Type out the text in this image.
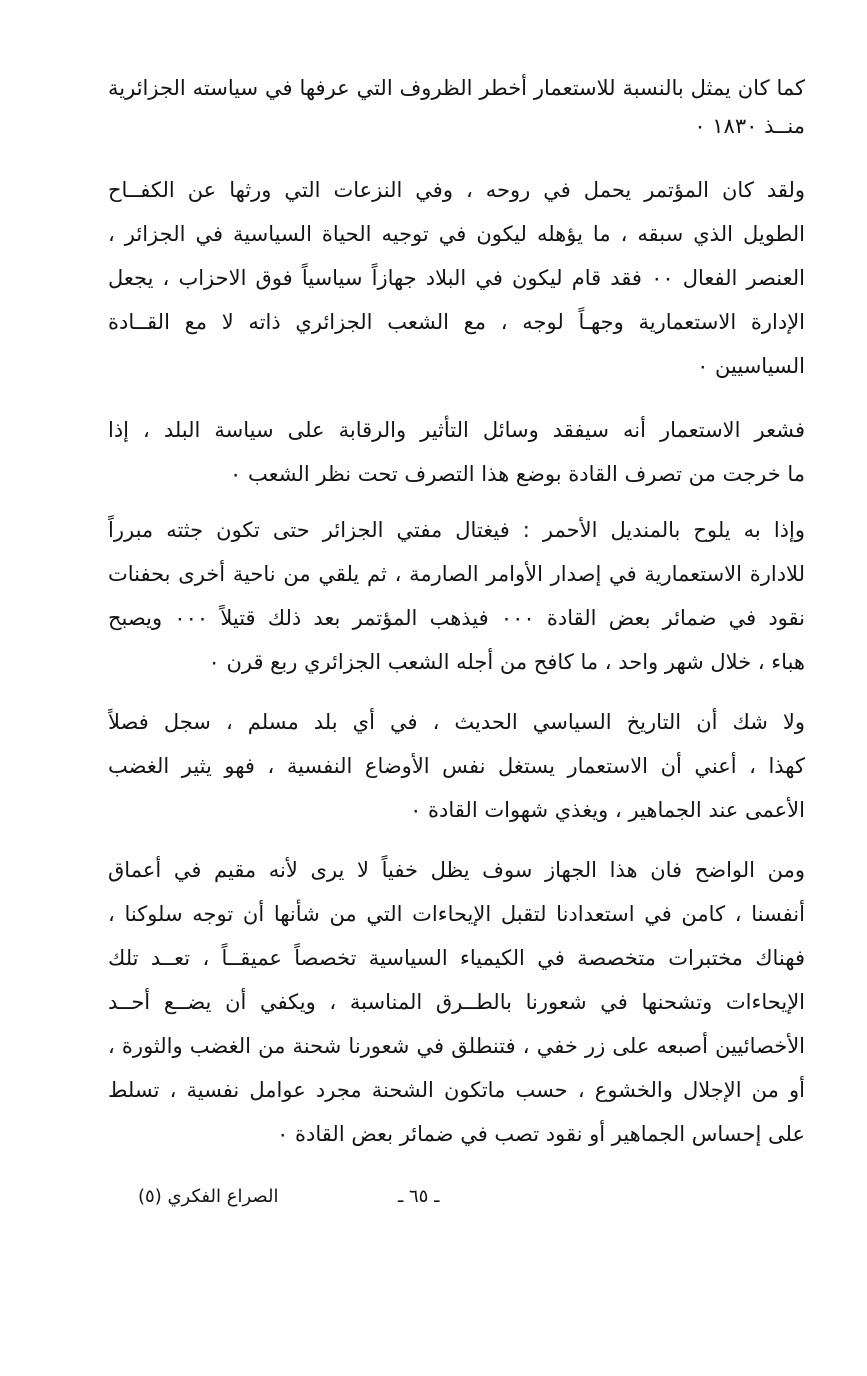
كما كان يمثل بالنسبة للاستعمار أخطر الظروف التي عرفها في سياسته الجزائرية
منــذ ١٨٣٠ ٠
ولقد كان المؤتمر يحمل في روحه ، وفي النزعات التي ورثها عن الكفــاح
الطويل الذي سبقه ، ما يؤهله ليكون في توجيه الحياة السياسية في الجزائر ،
العنصر الفعال ٠٠ فقد قام ليكون في البلاد جهازاً سياسياً فوق الاحزاب ، يجعل
الإدارة الاستعمارية وجهـاً لوجه ، مع الشعب الجزائري ذاته لا مع القــادة
السياسيين ٠
فشعر الاستعمار أنه سيفقد وسائل التأثير والرقابة على سياسة البلد ، إذا
ما خرجت من تصرف القادة بوضع هذا التصرف تحت نظر الشعب ٠
وإذا به يلوح بالمنديل الأحمر : فيغتال مفتي الجزائر حتى تكون جثته مبرراً
للادارة الاستعمارية في إصدار الأوامر الصارمة ، ثم يلقي من ناحية أخرى بحفنات
نقود في ضمائر بعض القادة ٠٠٠ فيذهب المؤتمر بعد ذلك قتيلاً ٠٠٠ ويصبح
هباء ، خلال شهر واحد ، ما كافح من أجله الشعب الجزائري ربع قرن ٠
ولا شك أن التاريخ السياسي الحديث ، في أي بلد مسلم ، سجل فصلاً
كهذا ، أعني أن الاستعمار يستغل نفس الأوضاع النفسية ، فهو يثير الغضب
الأعمى عند الجماهير ، ويغذي شهوات القادة ٠
ومن الواضح فان هذا الجهاز سوف يظل خفياً لا يرى لأنه مقيم في أعماق
أنفسنا ، كامن في استعدادنا لتقبل الإيحاءات التي من شأنها أن توجه سلوكنا ،
فهناك مختبرات متخصصة في الكيمياء السياسية تخصصاً عميقــاً ، تعــد تلك
الإيحاءات وتشحنها في شعورنا بالطــرق المناسبة ، ويكفي أن يضــع أحــد
الأخصائيين أصبعه على زر خفي ، فتنطلق في شعورنا شحنة من الغضب والثورة ،
أو من الإجلال والخشوع ، حسب ماتكون الشحنة مجرد عوامل نفسية ، تسلط
على إحساس الجماهير أو نقود تصب في ضمائر بعض القادة ٠
ـ ٦٥ ـ
الصراع الفكري (٥)
